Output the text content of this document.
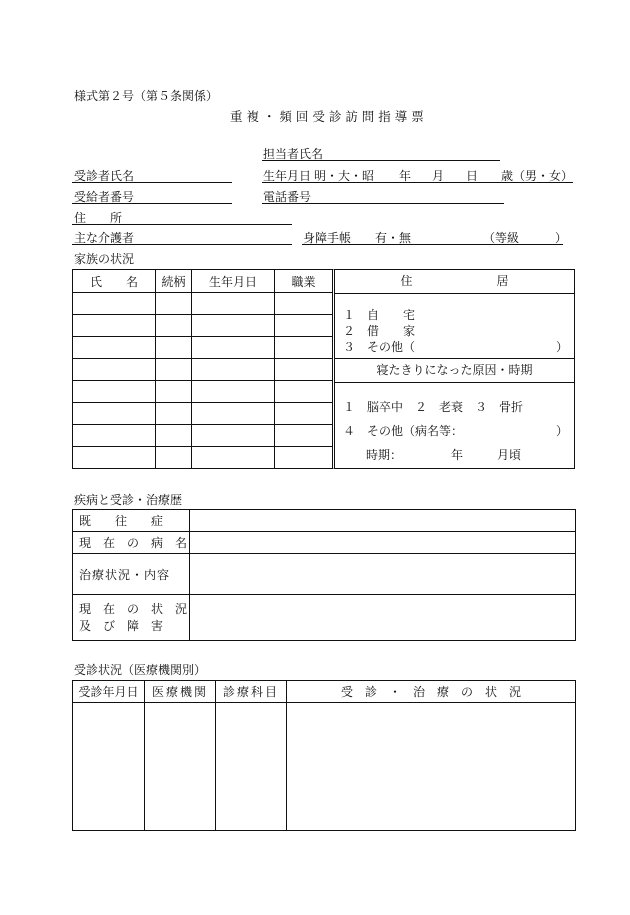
様式第２号（第５条関係）
重 複 ・ 頻 回 受 診 訪 問 指 導 票
担当者氏名
受診者氏名	生年月日 明・大・昭 年 月 日 歳（男・女）
受給者番号	電話番号
住　　所
主な介護者	身障手帳 有・無	（等級　　　）
家族の状況
氏　　名	続柄	生年月日	職業

				住　　　　　　　居
１　自　　宅
２　借　　家
３　その他（	）
寝たきりになった原因・時期
１　脳卒中　２　老衰　３　骨折
４　その他（病名等：	）
時期：	年	月頃
疾病と受診・治療歴
既　　往　　症	
現　在　の　病　名	
治療状況・内容	

現　在　の　状　況
及　び　障　害	

受診状況（医療機関別）
受診年月日	医療機関	診療科目	受　診　・　治　療　の　状　況
